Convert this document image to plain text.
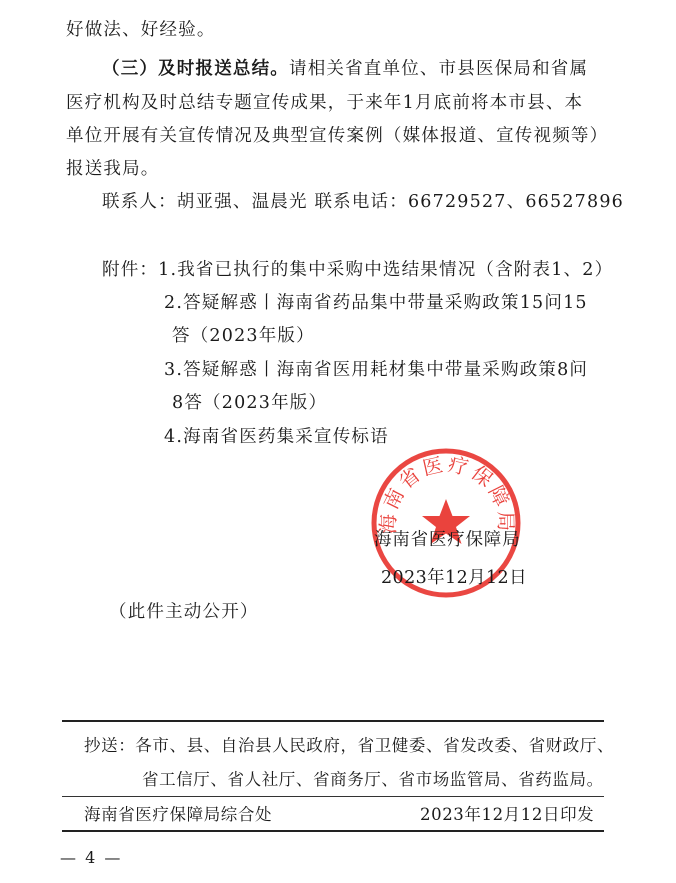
好做法、好经验。
（三）及时报送总结。请相关省直单位、市县医保局和省属
医疗机构及时总结专题宣传成果，于来年1月底前将本市县、本
单位开展有关宣传情况及典型宣传案例（媒体报道、宣传视频等）
报送我局。
联系人：胡亚强、温晨光 联系电话：66729527、66527896
附件：1.我省已执行的集中采购中选结果情况（含附表1、2）
2.答疑解惑丨海南省药品集中带量采购政策15问15
答（2023年版）
3.答疑解惑丨海南省医用耗材集中带量采购政策8问
8答（2023年版）
4.海南省医药集采宣传标语
海南省医疗保障局
海南省医疗保障局
2023年12月12日
（此件主动公开）
抄送：各市、县、自治县人民政府，省卫健委、省发改委、省财政厅、
省工信厅、省人社厅、省商务厅、省市场监管局、省药监局。
海南省医疗保障局综合处	2023年12月12日印发
— 4 —
